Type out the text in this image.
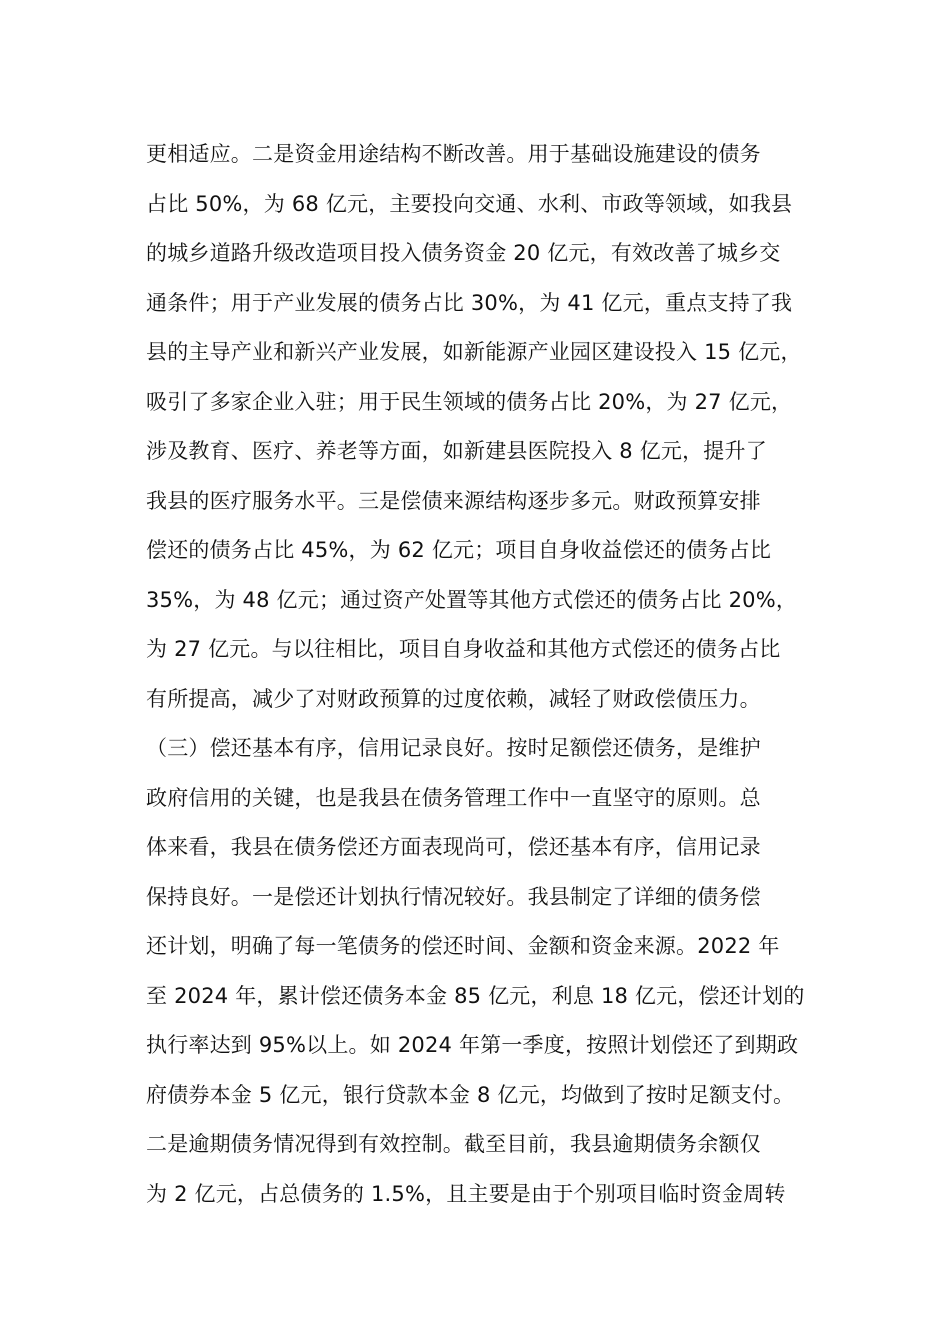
更相适应。二是资金用途结构不断改善。用于基础设施建设的债务
占比 50%，为 68 亿元，主要投向交通、水利、市政等领域，如我县
的城乡道路升级改造项目投入债务资金 20 亿元，有效改善了城乡交
通条件；用于产业发展的债务占比 30%，为 41 亿元，重点支持了我
县的主导产业和新兴产业发展，如新能源产业园区建设投入 15 亿元，
吸引了多家企业入驻；用于民生领域的债务占比 20%，为 27 亿元，
涉及教育、医疗、养老等方面，如新建县医院投入 8 亿元，提升了
我县的医疗服务水平。三是偿债来源结构逐步多元。财政预算安排
偿还的债务占比 45%，为 62 亿元；项目自身收益偿还的债务占比
35%，为 48 亿元；通过资产处置等其他方式偿还的债务占比 20%，
为 27 亿元。与以往相比，项目自身收益和其他方式偿还的债务占比
有所提高，减少了对财政预算的过度依赖，减轻了财政偿债压力。
（三）偿还基本有序，信用记录良好。按时足额偿还债务，是维护
政府信用的关键，也是我县在债务管理工作中一直坚守的原则。总
体来看，我县在债务偿还方面表现尚可，偿还基本有序，信用记录
保持良好。一是偿还计划执行情况较好。我县制定了详细的债务偿
还计划，明确了每一笔债务的偿还时间、金额和资金来源。2022 年
至 2024 年，累计偿还债务本金 85 亿元，利息 18 亿元，偿还计划的
执行率达到 95%以上。如 2024 年第一季度，按照计划偿还了到期政
府债券本金 5 亿元，银行贷款本金 8 亿元，均做到了按时足额支付。
二是逾期债务情况得到有效控制。截至目前，我县逾期债务余额仅
为 2 亿元，占总债务的 1.5%，且主要是由于个别项目临时资金周转
